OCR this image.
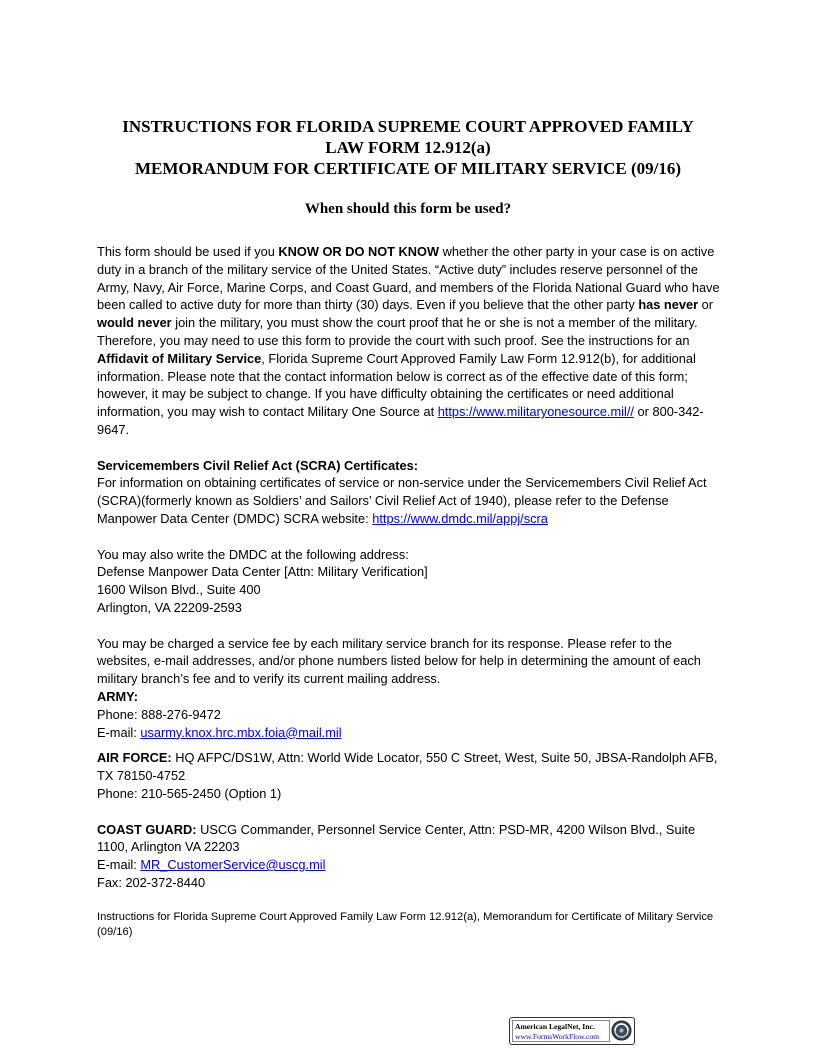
INSTRUCTIONS FOR FLORIDA SUPREME COURT APPROVED FAMILY
LAW FORM 12.912(a)
MEMORANDUM FOR CERTIFICATE OF MILITARY SERVICE (09/16)
When should this form be used?

This form should be used if you KNOW OR DO NOT KNOW whether the other party in your case is on active duty in a branch of the military service of the United States. “Active duty” includes reserve personnel of the Army, Navy, Air Force, Marine Corps, and Coast Guard, and members of the Florida National Guard who have been called to active duty for more than thirty (30) days. Even if you believe that the other party has never or would never join the military, you must show the court proof that he or she is not a member of the military. Therefore, you may need to use this form to provide the court with such proof. See the instructions for an Affidavit of Military Service, Florida Supreme Court Approved Family Law Form 12.912(b), for additional information. Please note that the contact information below is correct as of the effective date of this form; however, it may be subject to change. If you have difficulty obtaining the certificates or need additional information, you may wish to contact Military One Source at https://www.militaryonesource.mil// or 800-342-9647.

Servicemembers Civil Relief Act (SCRA) Certificates:

For information on obtaining certificates of service or non-service under the Servicemembers Civil Relief Act (SCRA)(formerly known as Soldiers’ and Sailors’ Civil Relief Act of 1940), please refer to the Defense Manpower Data Center (DMDC) SCRA website: https://www.dmdc.mil/appj/scra

You may also write the DMDC at the following address:

Defense Manpower Data Center [Attn: Military Verification]

1600 Wilson Blvd., Suite 400

Arlington, VA 22209-2593

You may be charged a service fee by each military service branch for its response. Please refer to the websites, e-mail addresses, and/or phone numbers listed below for help in determining the amount of each military branch’s fee and to verify its current mailing address.

ARMY:

Phone: 888-276-9472

E-mail: usarmy.knox.hrc.mbx.foia@mail.mil

AIR FORCE: HQ AFPC/DS1W, Attn: World Wide Locator, 550 C Street, West, Suite 50, JBSA-Randolph AFB, TX 78150-4752

Phone: 210-565-2450 (Option 1)

COAST GUARD: USCG Commander, Personnel Service Center, Attn: PSD-MR, 4200 Wilson Blvd., Suite 1100, Arlington VA 22203

E-mail: MR_CustomerService@uscg.mil

Fax: 202-372-8440

Instructions for Florida Supreme Court Approved Family Law Form 12.912(a), Memorandum for Certificate of Military Service (09/16)
American LegalNet, Inc.
www.FormsWorkFlow.com
